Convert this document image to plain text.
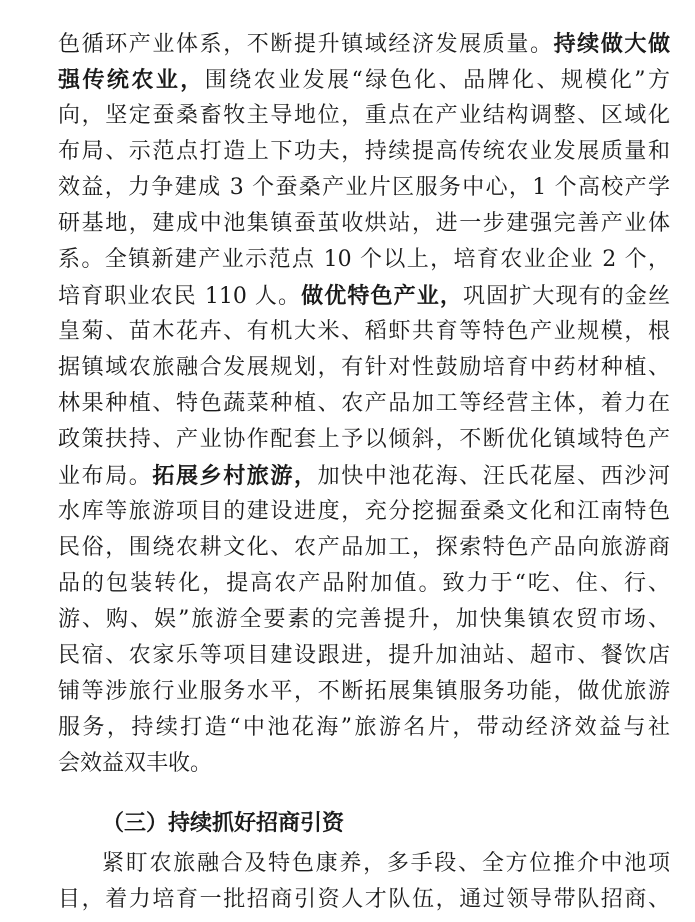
色循环产业体系，不断提升镇域经济发展质量。持续做大做
强传统农业，围绕农业发展“绿色化、品牌化、规模化”方
向，坚定蚕桑畜牧主导地位，重点在产业结构调整、区域化
布局、示范点打造上下功夫，持续提高传统农业发展质量和
效益，力争建成 3 个蚕桑产业片区服务中心，1 个高校产学
研基地，建成中池集镇蚕茧收烘站，进一步建强完善产业体
系。全镇新建产业示范点 10 个以上，培育农业企业 2 个，
培育职业农民 110 人。做优特色产业，巩固扩大现有的金丝
皇菊、苗木花卉、有机大米、稻虾共育等特色产业规模，根
据镇域农旅融合发展规划，有针对性鼓励培育中药材种植、
林果种植、特色蔬菜种植、农产品加工等经营主体，着力在
政策扶持、产业协作配套上予以倾斜，不断优化镇域特色产
业布局。拓展乡村旅游，加快中池花海、汪氏花屋、西沙河
水库等旅游项目的建设进度，充分挖掘蚕桑文化和江南特色
民俗，围绕农耕文化、农产品加工，探索特色产品向旅游商
品的包装转化，提高农产品附加值。致力于“吃、住、行、
游、购、娱”旅游全要素的完善提升，加快集镇农贸市场、
民宿、农家乐等项目建设跟进，提升加油站、超市、餐饮店
铺等涉旅行业服务水平，不断拓展集镇服务功能，做优旅游
服务，持续打造“中池花海”旅游名片，带动经济效益与社
会效益双丰收。
（三）持续抓好招商引资
紧盯农旅融合及特色康养，多手段、全方位推介中池项
目，着力培育一批招商引资人才队伍，通过领导带队招商、
